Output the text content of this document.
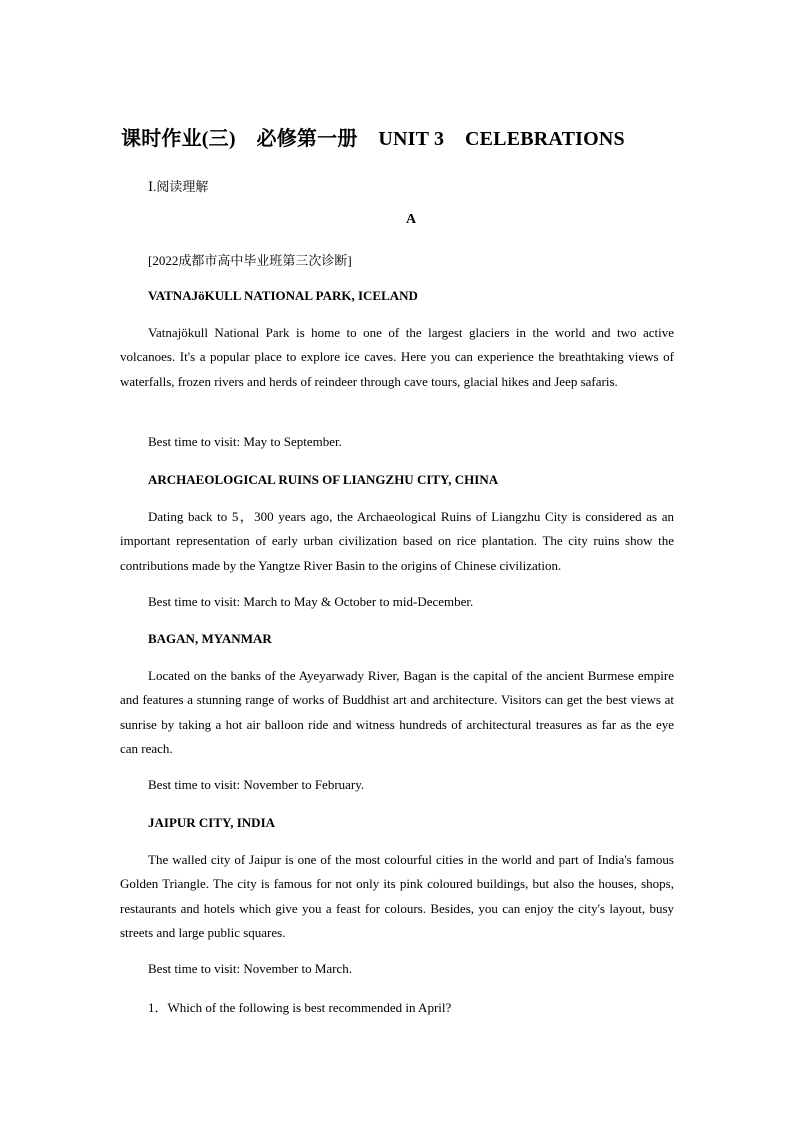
课时作业(三)    必修第一册    UNIT 3    CELEBRATIONS
Ⅰ.阅读理解
A
[2022成都市高中毕业班第三次诊断]
VATNAJöKULL NATIONAL PARK, ICELAND
Vatnajökull National Park is home to one of the largest glaciers in the world and two active volcanoes. It's a popular place to explore ice caves. Here you can experience the breathtaking views of waterfalls, frozen rivers and herds of reindeer through cave tours, glacial hikes and Jeep safaris.
Best time to visit: May to September.
ARCHAEOLOGICAL RUINS OF LIANGZHU CITY, CHINA
Dating back to 5，300 years ago, the Archaeological Ruins of Liangzhu City is considered as an important representation of early urban civilization based on rice plantation. The city ruins show the contributions made by the Yangtze River Basin to the origins of Chinese civilization.
Best time to visit: March to May & October to mid-December.
BAGAN, MYANMAR
Located on the banks of the Ayeyarwady River, Bagan is the capital of the ancient Burmese empire and features a stunning range of works of Buddhist art and architecture. Visitors can get the best views at sunrise by taking a hot air balloon ride and witness hundreds of architectural treasures as far as the eye can reach.
Best time to visit: November to February.
JAIPUR CITY, INDIA
The walled city of Jaipur is one of the most colourful cities in the world and part of India's famous Golden Triangle. The city is famous for not only its pink coloured buildings, but also the houses, shops, restaurants and hotels which give you a feast for colours. Besides, you can enjoy the city's layout, busy streets and large public squares.
Best time to visit: November to March.
1．Which of the following is best recommended in April?
